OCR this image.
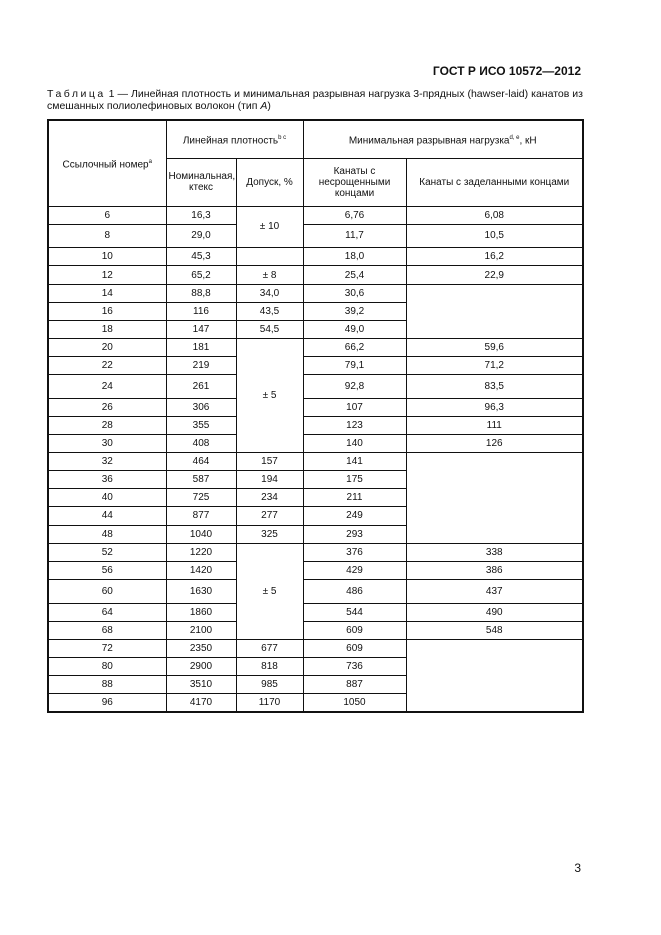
ГОСТ Р ИСО 10572—2012
Таблица 1 — Линейная плотность и минимальная разрывная нагрузка 3-прядных (hawser-laid) канатов из смешанных полиолефиновых волокон (тип A)
Ссылочный номер$^a$	Линейная плотность$^{b c}$		Минимальная разрывная нагрузка$^{d, e}$, кН	
	Номинальная, ктекс	Допуск, %	Канаты с несрощенными концами	Канаты с заделанными концами
6	16,3	± 10	6,76	6,08
8	29,0		11,7	10,5
10	45,3		18,0	16,2
12	65,2	± 8	25,4	22,9
14	88,8	34,0	30,6	
16	116	43,5	39,2	
18	147	54,5	49,0	
20	181	± 5	66,2	59,6
22	219		79,1	71,2
24	261		92,8	83,5
26	306		107	96,3
28	355		123	111
30	408		140	126
32	464	157	141	
36	587	194	175	
40	725	234	211	
44	877	277	249	
48	1040	325	293	
52	1220	± 5	376	338
56	1420		429	386
60	1630		486	437
64	1860		544	490
68	2100		609	548
72	2350	677	609	
80	2900	818	736	
88	3510	985	887	
96	4170	1170	1050	
3
